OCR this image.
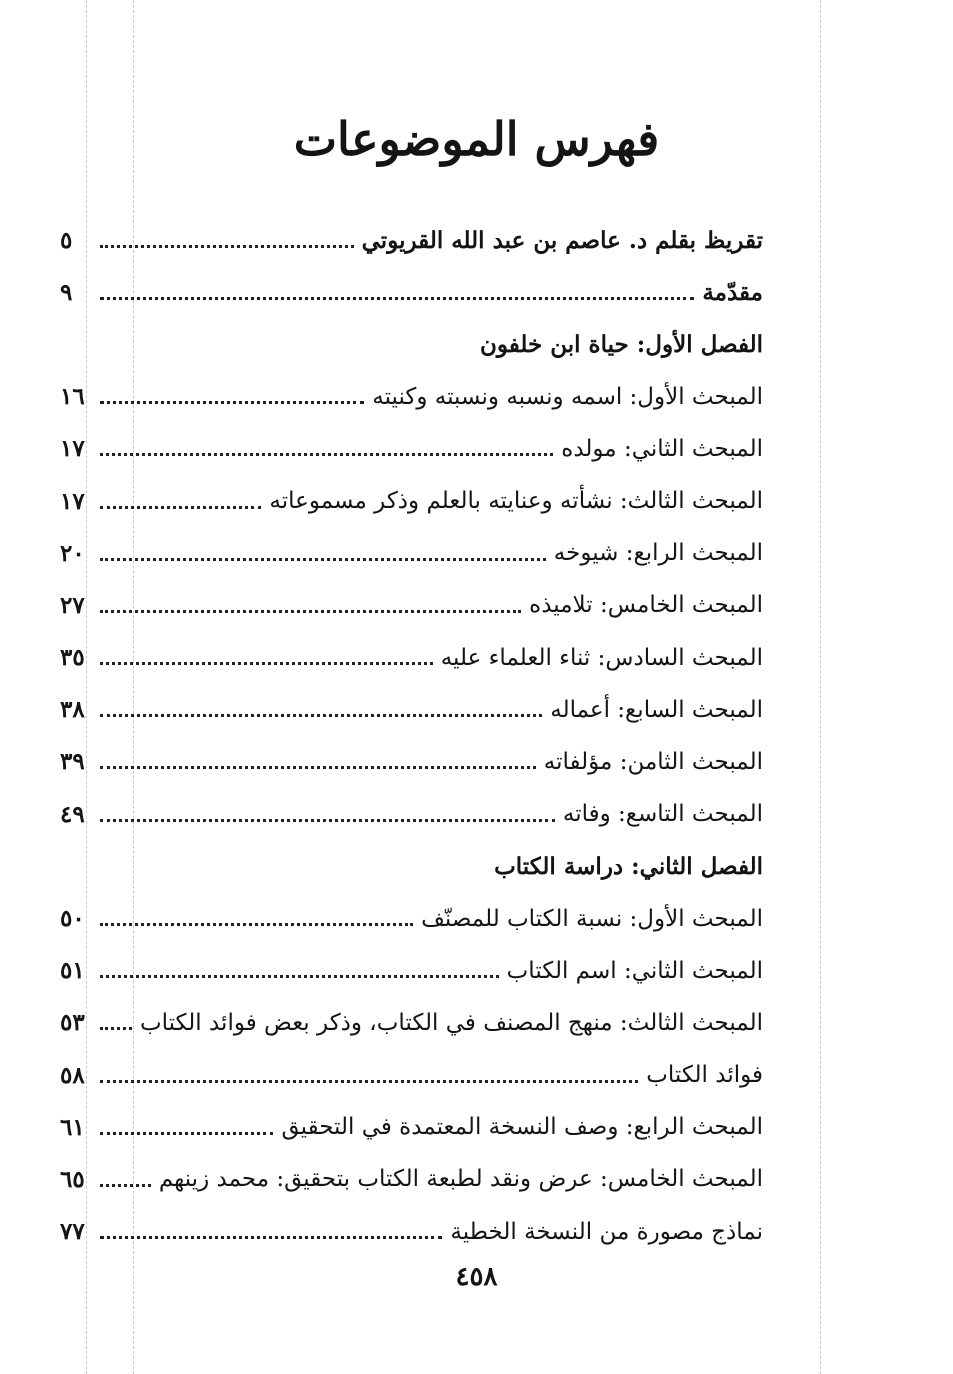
فهرس الموضوعات
تقريظ بقلم د. عاصم بن عبد الله القريوتي
٥
مقدّمة
٩
الفصل الأول: حياة ابن خلفون
المبحث الأول: اسمه ونسبه ونسبته وكنيته
١٦
المبحث الثاني: مولده
١٧
المبحث الثالث: نشأته وعنايته بالعلم وذكر مسموعاته
١٧
المبحث الرابع: شيوخه
٢٠
المبحث الخامس: تلاميذه
٢٧
المبحث السادس: ثناء العلماء عليه
٣٥
المبحث السابع: أعماله
٣٨
المبحث الثامن: مؤلفاته
٣٩
المبحث التاسع: وفاته
٤٩
الفصل الثاني: دراسة الكتاب
المبحث الأول: نسبة الكتاب للمصنّف
٥٠
المبحث الثاني: اسم الكتاب
٥١
المبحث الثالث: منهج المصنف في الكتاب، وذكر بعض فوائد الكتاب
٥٣
فوائد الكتاب
٥٨
المبحث الرابع: وصف النسخة المعتمدة في التحقيق
٦١
المبحث الخامس: عرض ونقد لطبعة الكتاب بتحقيق: محمد زينهم
٦٥
نماذج مصورة من النسخة الخطية
٧٧
٤٥٨
